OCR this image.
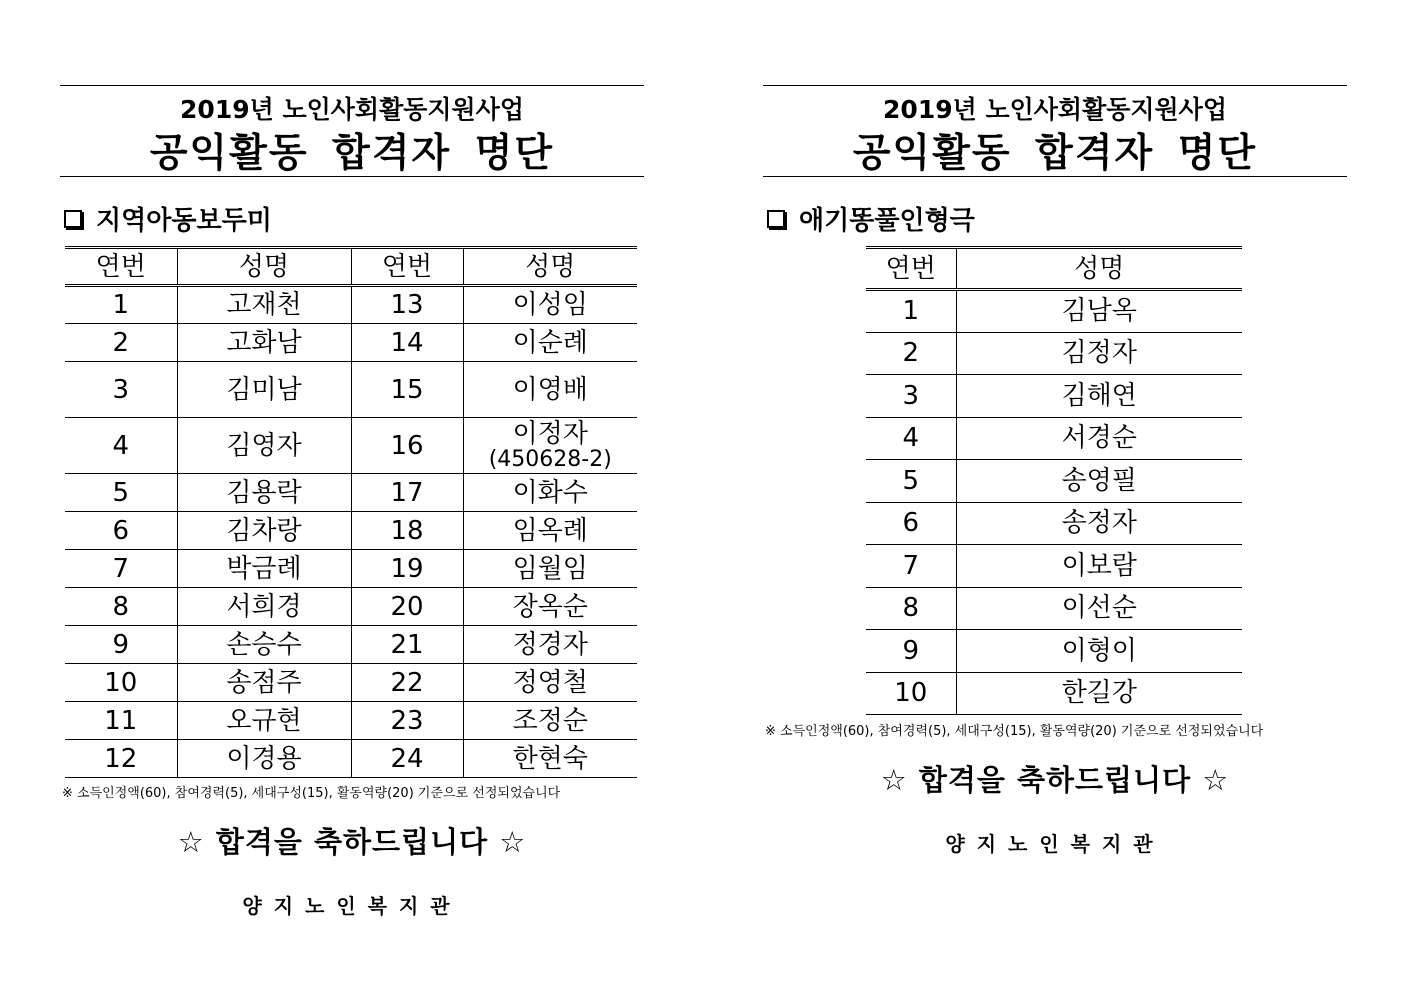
2019년 노인사회활동지원사업
공익활동 합격자 명단
지역아동보두미
연번	성명	연번	성명
1	고재천	13	이성임
2	고화남	14	이순례
3	김미남	15	이영배
4	김영자	16	이정자
(450628-2)

5	김용락	17	이화수
6	김차랑	18	임옥례
7	박금례	19	임월임
8	서희경	20	장옥순
9	손승수	21	정경자
10	송점주	22	정영철
11	오규현	23	조정순
12	이경용	24	한현숙
※ 소득인정액(60), 참여경력(5), 세대구성(15), 활동역량(20) 기준으로 선정되었습니다
☆ 합격을 축하드립니다 ☆
양지노인복지관
2019년 노인사회활동지원사업
공익활동 합격자 명단
애기똥풀인형극
연번	성명
1	김남옥
2	김정자
3	김해연
4	서경순
5	송영필
6	송정자
7	이보람
8	이선순
9	이형이
10	한길강
※ 소득인정액(60), 참여경력(5), 세대구성(15), 활동역량(20) 기준으로 선정되었습니다
☆ 합격을 축하드립니다 ☆
양지노인복지관
